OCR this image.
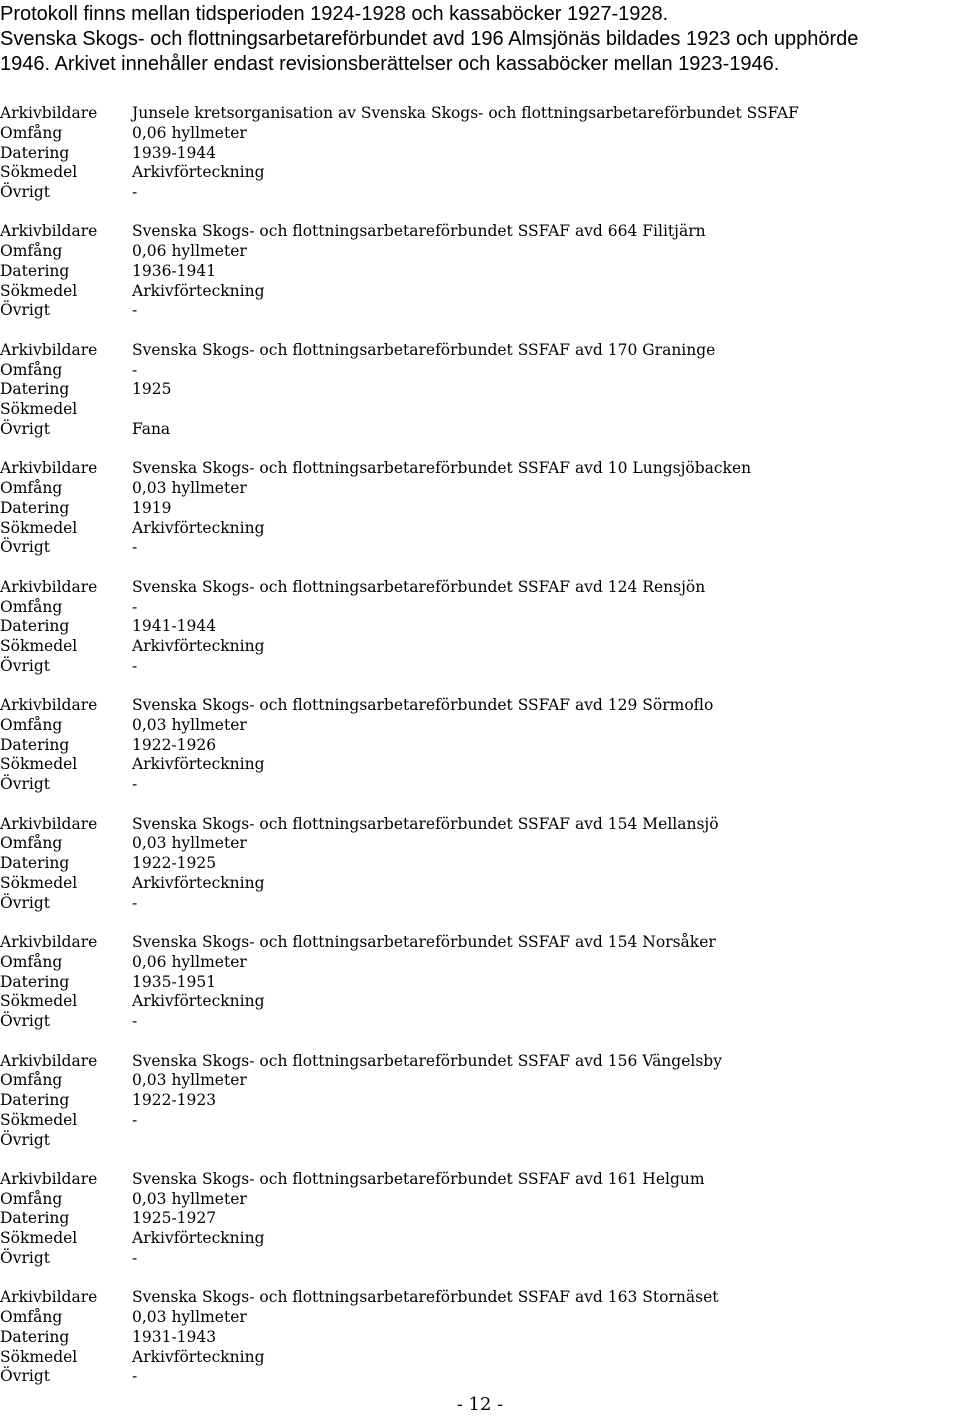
Protokoll finns mellan tidsperioden 1924-1928 och kassaböcker 1927-1928.
Svenska Skogs- och flottningsarbetareförbundet avd 196 Almsjönäs bildades 1923 och upphörde
1946. Arkivet innehåller endast revisionsberättelser och kassaböcker mellan 1923-1946.
Arkivbildare Junsele kretsorganisation av Svenska Skogs- och flottningsarbetareförbundet SSFAF
Omfång	0,06 hyllmeter
Datering	1939-1944
Sökmedel	Arkivförteckning
Övrigt	-
Arkivbildare Svenska Skogs- och flottningsarbetareförbundet SSFAF avd 664 Filitjärn
Omfång	0,06 hyllmeter
Datering	1936-1941
Sökmedel	Arkivförteckning
Övrigt	-
Arkivbildare Svenska Skogs- och flottningsarbetareförbundet SSFAF avd 170 Graninge
Omfång	-
Datering	1925
Sökmedel
Övrigt	Fana
Arkivbildare Svenska Skogs- och flottningsarbetareförbundet SSFAF avd 10 Lungsjöbacken
Omfång	0,03 hyllmeter
Datering	1919
Sökmedel	Arkivförteckning
Övrigt	-
Arkivbildare Svenska Skogs- och flottningsarbetareförbundet SSFAF avd 124 Rensjön
Omfång	-
Datering	1941-1944
Sökmedel	Arkivförteckning
Övrigt	-
Arkivbildare Svenska Skogs- och flottningsarbetareförbundet SSFAF avd 129 Sörmoflo
Omfång	0,03 hyllmeter
Datering	1922-1926
Sökmedel	Arkivförteckning
Övrigt	-
Arkivbildare Svenska Skogs- och flottningsarbetareförbundet SSFAF avd 154 Mellansjö
Omfång	0,03 hyllmeter
Datering	1922-1925
Sökmedel	Arkivförteckning
Övrigt	-
Arkivbildare Svenska Skogs- och flottningsarbetareförbundet SSFAF avd 154 Norsåker
Omfång	0,06 hyllmeter
Datering	1935-1951
Sökmedel	Arkivförteckning
Övrigt	-
Arkivbildare Svenska Skogs- och flottningsarbetareförbundet SSFAF avd 156 Vängelsby
Omfång	0,03 hyllmeter
Datering	1922-1923
Sökmedel	-
Övrigt
Arkivbildare Svenska Skogs- och flottningsarbetareförbundet SSFAF avd 161 Helgum
Omfång	0,03 hyllmeter
Datering	1925-1927
Sökmedel	Arkivförteckning
Övrigt	-
Arkivbildare Svenska Skogs- och flottningsarbetareförbundet SSFAF avd 163 Stornäset
Omfång	0,03 hyllmeter
Datering	1931-1943
Sökmedel	Arkivförteckning
Övrigt	-
- 12 -
